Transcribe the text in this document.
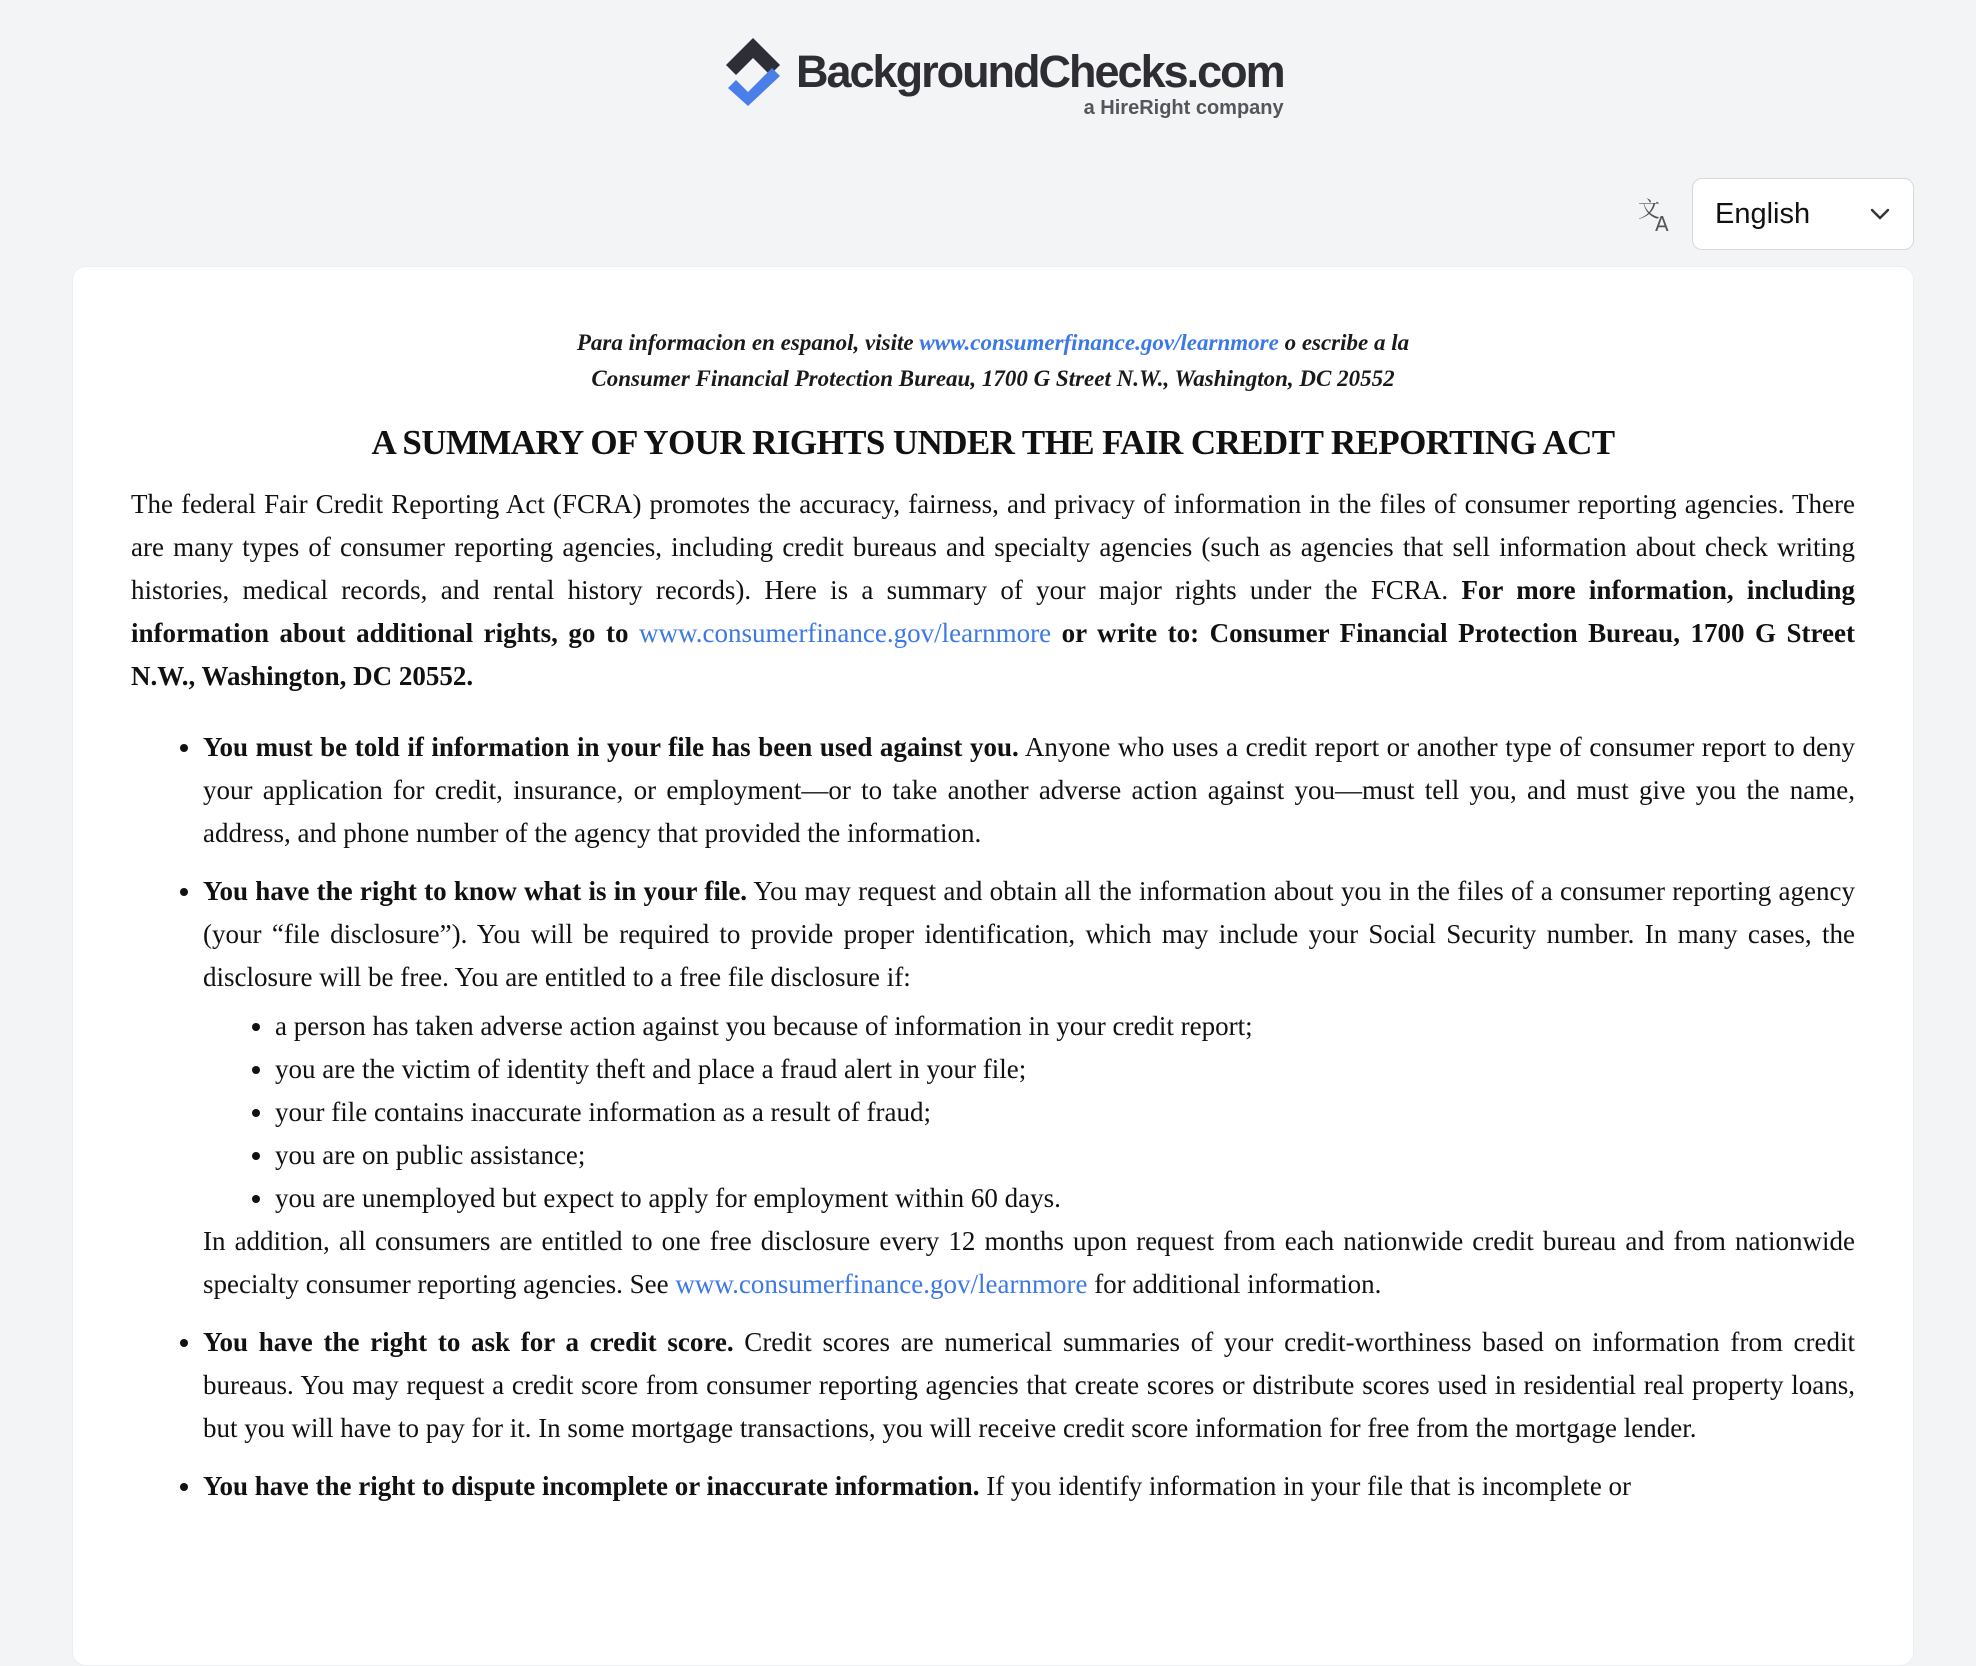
BackgroundChecks.com
a HireRight company
文
A English
Para informacion en espanol, visite www.consumerfinance.gov/learnmore o escribe a la
Consumer Financial Protection Bureau, 1700 G Street N.W., Washington, DC 20552
A SUMMARY OF YOUR RIGHTS UNDER THE FAIR CREDIT REPORTING ACT

The federal Fair Credit Reporting Act (FCRA) promotes the accuracy, fairness, and privacy of information in the files of consumer reporting agencies. There are many types of consumer reporting agencies, including credit bureaus and specialty agencies (such as agencies that sell information about check writing histories, medical records, and rental history records). Here is a summary of your major rights under the FCRA. For more information, including information about additional rights, go to www.consumerfinance.gov/learnmore or write to: Consumer Financial Protection Bureau, 1700 G Street N.W., Washington, DC 20552.

• You must be told if information in your file has been used against you. Anyone who uses a credit report or another type of consumer report to deny your application for credit, insurance, or employment—or to take another adverse action against you—must tell you, and must give you the name, address, and phone number of the agency that provided the information.
• You have the right to know what is in your file. You may request and obtain all the information about you in the files of a consumer reporting agency (your “file disclosure”). You will be required to provide proper identification, which may include your Social Security number. In many cases, the disclosure will be free. You are entitled to a free file disclosure if:
• a person has taken adverse action against you because of information in your credit report;
• you are the victim of identity theft and place a fraud alert in your file;
• your file contains inaccurate information as a result of fraud;
• you are on public assistance;
• you are unemployed but expect to apply for employment within 60 days.
In addition, all consumers are entitled to one free disclosure every 12 months upon request from each nationwide credit bureau and from nationwide specialty consumer reporting agencies. See www.consumerfinance.gov/learnmore for additional information.
• You have the right to ask for a credit score. Credit scores are numerical summaries of your credit-worthiness based on information from credit bureaus. You may request a credit score from consumer reporting agencies that create scores or distribute scores used in residential real property loans, but you will have to pay for it. In some mortgage transactions, you will receive credit score information for free from the mortgage lender.
• You have the right to dispute incomplete or inaccurate information. If you identify information in your file that is incomplete or
